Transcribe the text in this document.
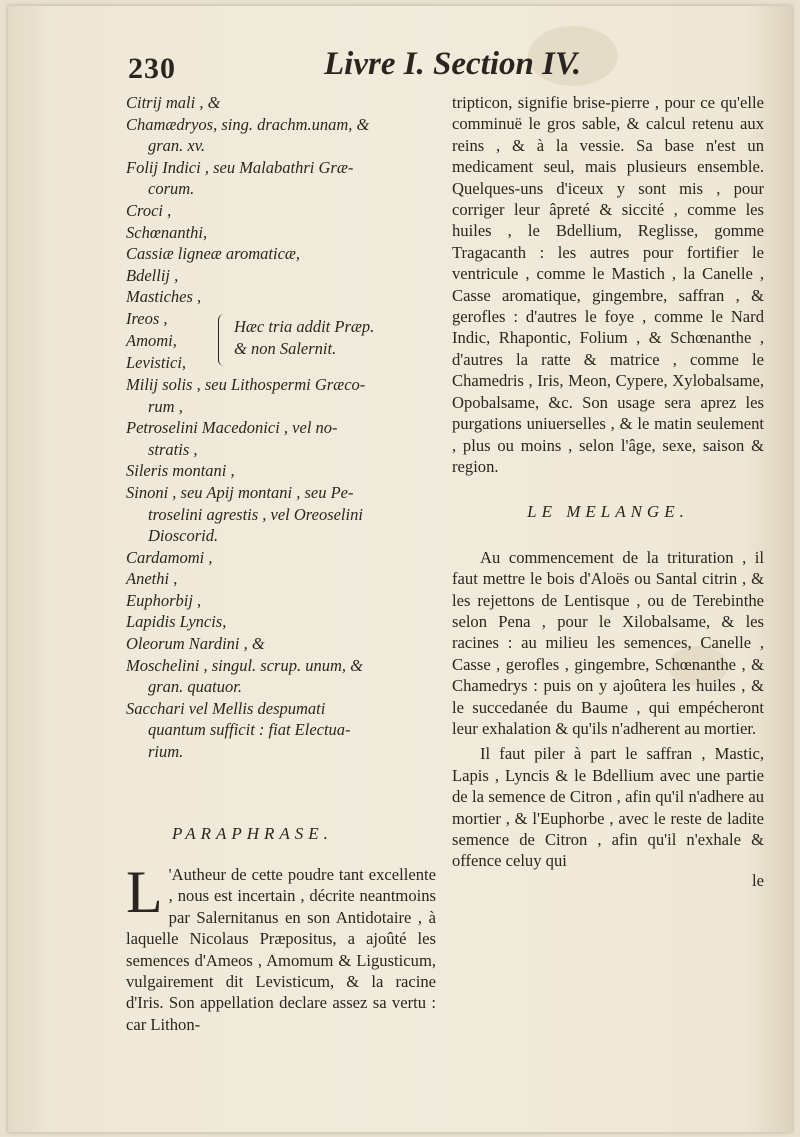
230	Livre I. Section IV.
Citrij mali , &
Chamædryos, sing. drachm.unam, &
gran. xv.
Folij Indici , seu Malabathri Græ-
corum.
Croci ,
Schœnanthi,
Cassiæ ligneæ aromaticæ,
Bdellij ,
Mastiches ,
Ireos ,
Amomi,
Levistici,
Hæc tria addit Præp.
& non Salernit.
Milij solis , seu Lithospermi Græco-
rum ,
Petroselini Macedonici , vel no-
stratis ,
Sileris montani ,
Sinoni , seu Apij montani , seu Pe-
troselini agrestis , vel Oreoselini
Dioscorid.
Cardamomi ,
Anethi ,
Euphorbij ,
Lapidis Lyncis,
Oleorum Nardini , &
Moschelini , singul. scrup. unum, &
gran. quatuor.
Sacchari vel Mellis despumati
quantum sufficit : fiat Electua-
rium.
PARAPHRASE.
L 'Autheur de cette poudre tant excellente , nous est incertain , décrite neantmoins par Salernitanus en son Antidotaire , à laquelle Nicolaus Præpositus, a ajoûté les semences d'Ameos , Amomum & Ligusticum, vulgairement dit Levisticum, & la racine d'Iris. Son appellation declare assez sa vertu : car Lithon-

tripticon, signifie brise-pierre , pour ce qu'elle comminuë le gros sable, & calcul retenu aux reins , & à la vessie. Sa base n'est un medicament seul, mais plusieurs ensemble. Quelques-uns d'iceux y sont mis , pour corriger leur âpreté & siccité , comme les huiles , le Bdellium, Reglisse, gomme Tragacanth : les autres pour fortifier le ventricule , comme le Mastich , la Canelle , Casse aromatique, gingembre, saffran , & gerofles : d'autres le foye , comme le Nard Indic, Rhapontic, Folium , & Schœnanthe , d'autres la ratte & matrice , comme le Chamedris , Iris, Meon, Cypere, Xylobalsame, Opobalsame, &c. Son usage sera aprez les purgations uniuerselles , & le matin seulement , plus ou moins , selon l'âge, sexe, saison & region.

LE MELANGE.

Au commencement de la trituration , il faut mettre le bois d'Aloës ou Santal citrin , & les rejettons de Lentisque , ou de Terebinthe selon Pena , pour le Xilobalsame, & les racines : au milieu les semences, Canelle , Casse , gerofles , gingembre, Schœnanthe , & Chamedrys : puis on y ajoûtera les huiles , & le succedanée du Baume , qui empécheront leur exhalation & qu'ils n'adherent au mortier.

Il faut piler à part le saffran , Mastic, Lapis , Lyncis & le Bdellium avec une partie de la semence de Citron , afin qu'il n'adhere au mortier , & l'Euphorbe , avec le reste de ladite semence de Citron , afin qu'il n'exhale & offence celuy qui

le
